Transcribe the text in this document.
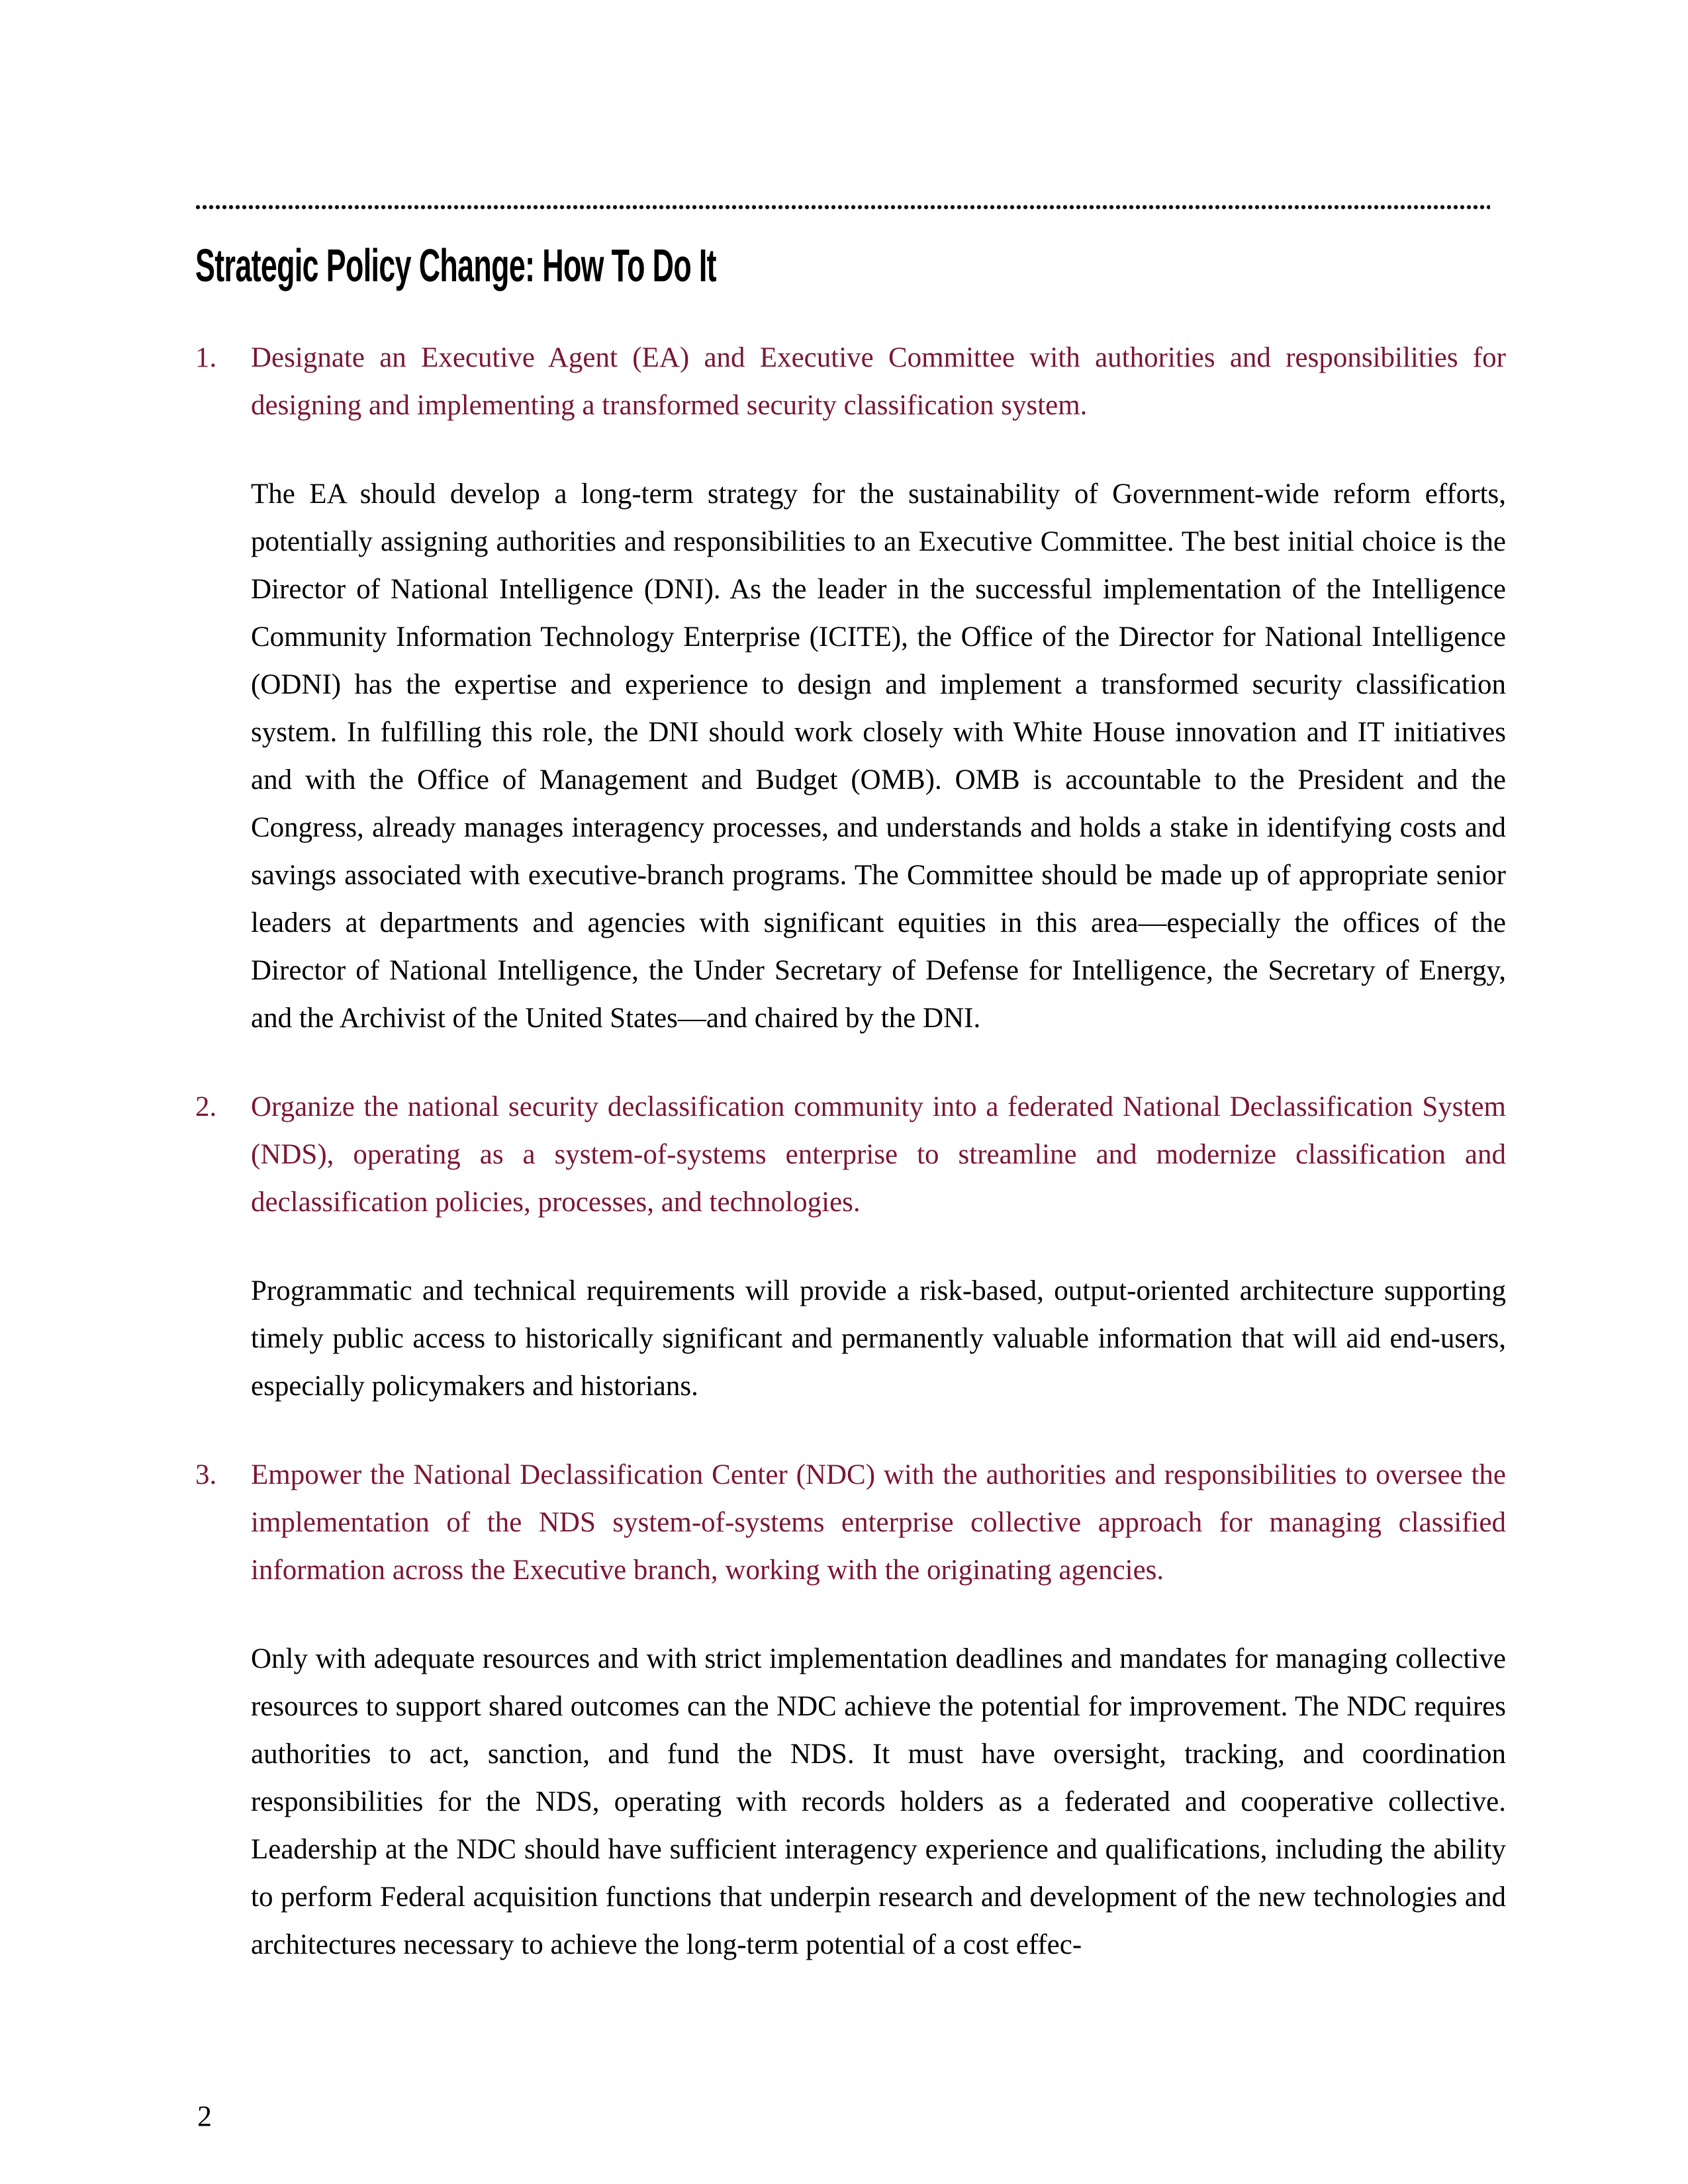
Strategic Policy Change: How To Do It
1.	Designate an Executive Agent (EA) and Executive Committee with authorities and responsibilities for designing and implementing a transformed security classification system.
The EA should develop a long-term strategy for the sustainability of Government-wide reform efforts, potentially assigning authorities and responsibilities to an Executive Committee. The best initial choice is the Director of National Intelligence (DNI). As the leader in the successful implementation of the Intelligence Community Information Technology Enterprise (ICITE), the Office of the Director for National Intelligence (ODNI) has the expertise and experience to design and implement a transformed security classification system. In fulfilling this role, the DNI should work closely with White House innovation and IT initiatives and with the Office of Management and Budget (OMB). OMB is accountable to the President and the Congress, already manages interagency processes, and understands and holds a stake in identifying costs and savings associated with executive-branch programs. The Committee should be made up of appropriate senior leaders at departments and agencies with significant equities in this area—especially the offices of the Director of National Intelligence, the Under Secretary of Defense for Intelligence, the Secretary of Energy, and the Archivist of the United States—and chaired by the DNI.
2.	Organize the national security declassification community into a federated National Declassification System (NDS), operating as a system-of-systems enterprise to streamline and modernize classification and declassification policies, processes, and technologies.
Programmatic and technical requirements will provide a risk-based, output-oriented architecture supporting timely public access to historically significant and permanently valuable information that will aid end-users, especially policymakers and historians.
3.	Empower the National Declassification Center (NDC) with the authorities and responsibilities to oversee the implementation of the NDS system-of-systems enterprise collective approach for managing classified information across the Executive branch, working with the originating agencies.
Only with adequate resources and with strict implementation deadlines and mandates for managing collective resources to support shared outcomes can the NDC achieve the potential for improvement. The NDC requires authorities to act, sanction, and fund the NDS. It must have oversight, tracking, and coordination responsibilities for the NDS, operating with records holders as a federated and cooperative collective. Leadership at the NDC should have sufficient interagency experience and qualifications, including the ability to perform Federal acquisition functions that underpin research and development of the new technologies and architectures necessary to achieve the long-term potential of a cost effec-
2
